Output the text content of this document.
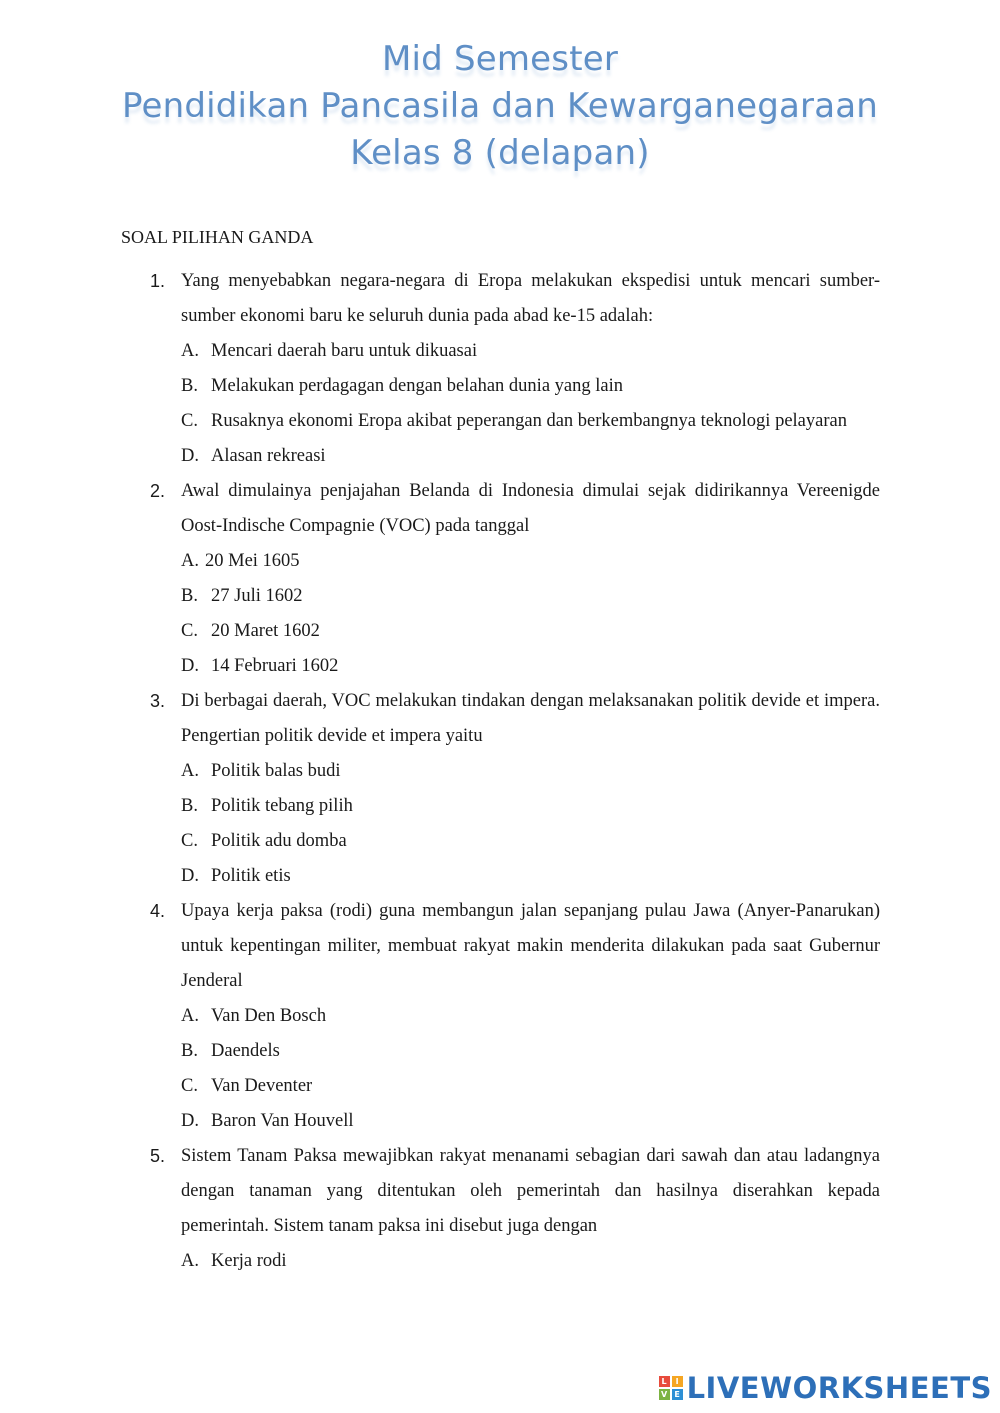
Mid Semester
Pendidikan Pancasila dan Kewarganegaraan
Kelas 8 (delapan)
SOAL PILIHAN GANDA
1. Yang menyebabkan negara-negara di Eropa melakukan ekspedisi untuk mencari sumber-sumber ekonomi baru ke seluruh dunia pada abad ke-15 adalah:
A. Mencari daerah baru untuk dikuasai
B. Melakukan perdagagan dengan belahan dunia yang lain
C. Rusaknya ekonomi Eropa akibat peperangan dan berkembangnya teknologi pelayaran
D. Alasan rekreasi
2. Awal dimulainya penjajahan Belanda di Indonesia dimulai sejak didirikannya Vereenigde Oost-Indische Compagnie (VOC) pada tanggal
A. 20 Mei 1605
B. 27 Juli 1602
C. 20 Maret 1602
D. 14 Februari 1602
3. Di berbagai daerah, VOC melakukan tindakan dengan melaksanakan politik devide et impera. Pengertian politik devide et impera yaitu
A. Politik balas budi
B. Politik tebang pilih
C. Politik adu domba
D. Politik etis
4. Upaya kerja paksa (rodi) guna membangun jalan sepanjang pulau Jawa (Anyer-Panarukan) untuk kepentingan militer, membuat rakyat makin menderita dilakukan pada saat Gubernur Jenderal
A. Van Den Bosch
B. Daendels
C. Van Deventer
D. Baron Van Houvell
5. Sistem Tanam Paksa mewajibkan rakyat menanami sebagian dari sawah dan atau ladangnya dengan tanaman yang ditentukan oleh pemerintah dan hasilnya diserahkan kepada pemerintah. Sistem tanam paksa ini disebut juga dengan
A. Kerja rodi
L	I
V E LIVEWORKSHEETS
